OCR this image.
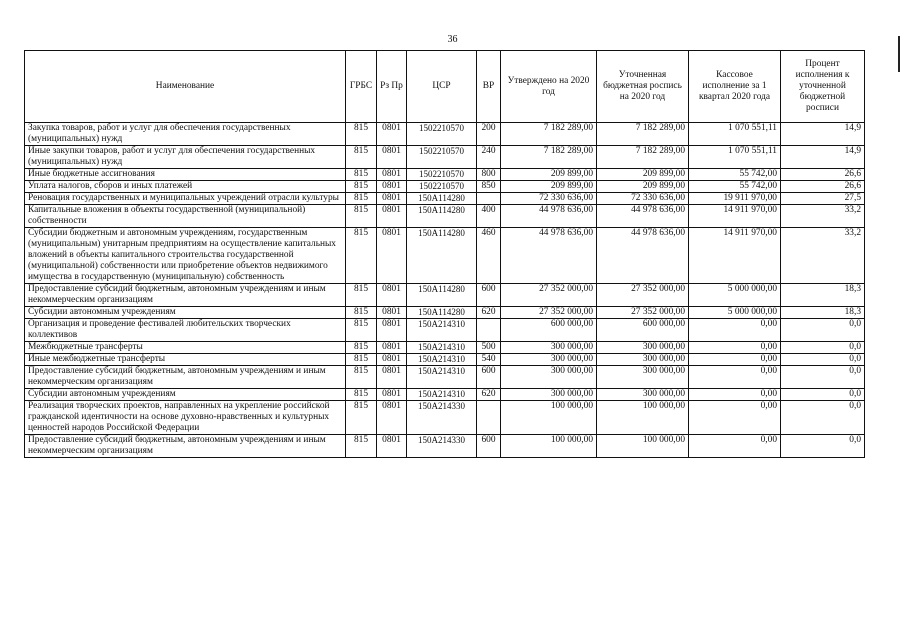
36
Наименование	ГРБС	Рз Пр	ЦСР	ВР	Утверждено на 2020 год	Уточненная бюджетная роспись на 2020 год	Кассовое исполнение за 1 квартал 2020 года	Процент исполнения к уточненной бюджетной росписи
Закупка товаров, работ и услуг для обеспечения государственных (муниципальных) нужд	815	0801	1502210570	200	7 182 289,00	7 182 289,00	1 070 551,11	14,9
Иные закупки товаров, работ и услуг для обеспечения государственных (муниципальных) нужд	815	0801	1502210570	240	7 182 289,00	7 182 289,00	1 070 551,11	14,9
Иные бюджетные ассигнования	815	0801	1502210570	800	209 899,00	209 899,00	55 742,00	26,6
Уплата налогов, сборов и иных платежей	815	0801	1502210570	850	209 899,00	209 899,00	55 742,00	26,6
Реновация государственных и муниципальных учреждений отрасли культуры	815	0801	150A114280		72 330 636,00	72 330 636,00	19 911 970,00	27,5
Капитальные вложения в объекты государственной (муниципальной) собственности	815	0801	150A114280	400	44 978 636,00	44 978 636,00	14 911 970,00	33,2
Субсидии бюджетным и автономным учреждениям, государственным (муниципальным) унитарным предприятиям на осуществление капитальных вложений в объекты капитального строительства государственной (муниципальной) собственности или приобретение объектов недвижимого имущества в государственную (муниципальную) собственность	815	0801	150A114280	460	44 978 636,00	44 978 636,00	14 911 970,00	33,2
Предоставление субсидий бюджетным, автономным учреждениям и иным некоммерческим организациям	815	0801	150A114280	600	27 352 000,00	27 352 000,00	5 000 000,00	18,3
Субсидии автономным учреждениям	815	0801	150A114280	620	27 352 000,00	27 352 000,00	5 000 000,00	18,3
Организация и проведение фестивалей любительских творческих коллективов	815	0801	150A214310		600 000,00	600 000,00	0,00	0,0
Межбюджетные трансферты	815	0801	150A214310	500	300 000,00	300 000,00	0,00	0,0
Иные межбюджетные трансферты	815	0801	150A214310	540	300 000,00	300 000,00	0,00	0,0
Предоставление субсидий бюджетным, автономным учреждениям и иным некоммерческим организациям	815	0801	150A214310	600	300 000,00	300 000,00	0,00	0,0
Субсидии автономным учреждениям	815	0801	150A214310	620	300 000,00	300 000,00	0,00	0,0
Реализация творческих проектов, направленных на укрепление российской гражданской идентичности на основе духовно-нравственных и культурных ценностей народов Российской Федерации	815	0801	150A214330		100 000,00	100 000,00	0,00	0,0
Предоставление субсидий бюджетным, автономным учреждениям и иным некоммерческим организациям	815	0801	150A214330	600	100 000,00	100 000,00	0,00	0,0
